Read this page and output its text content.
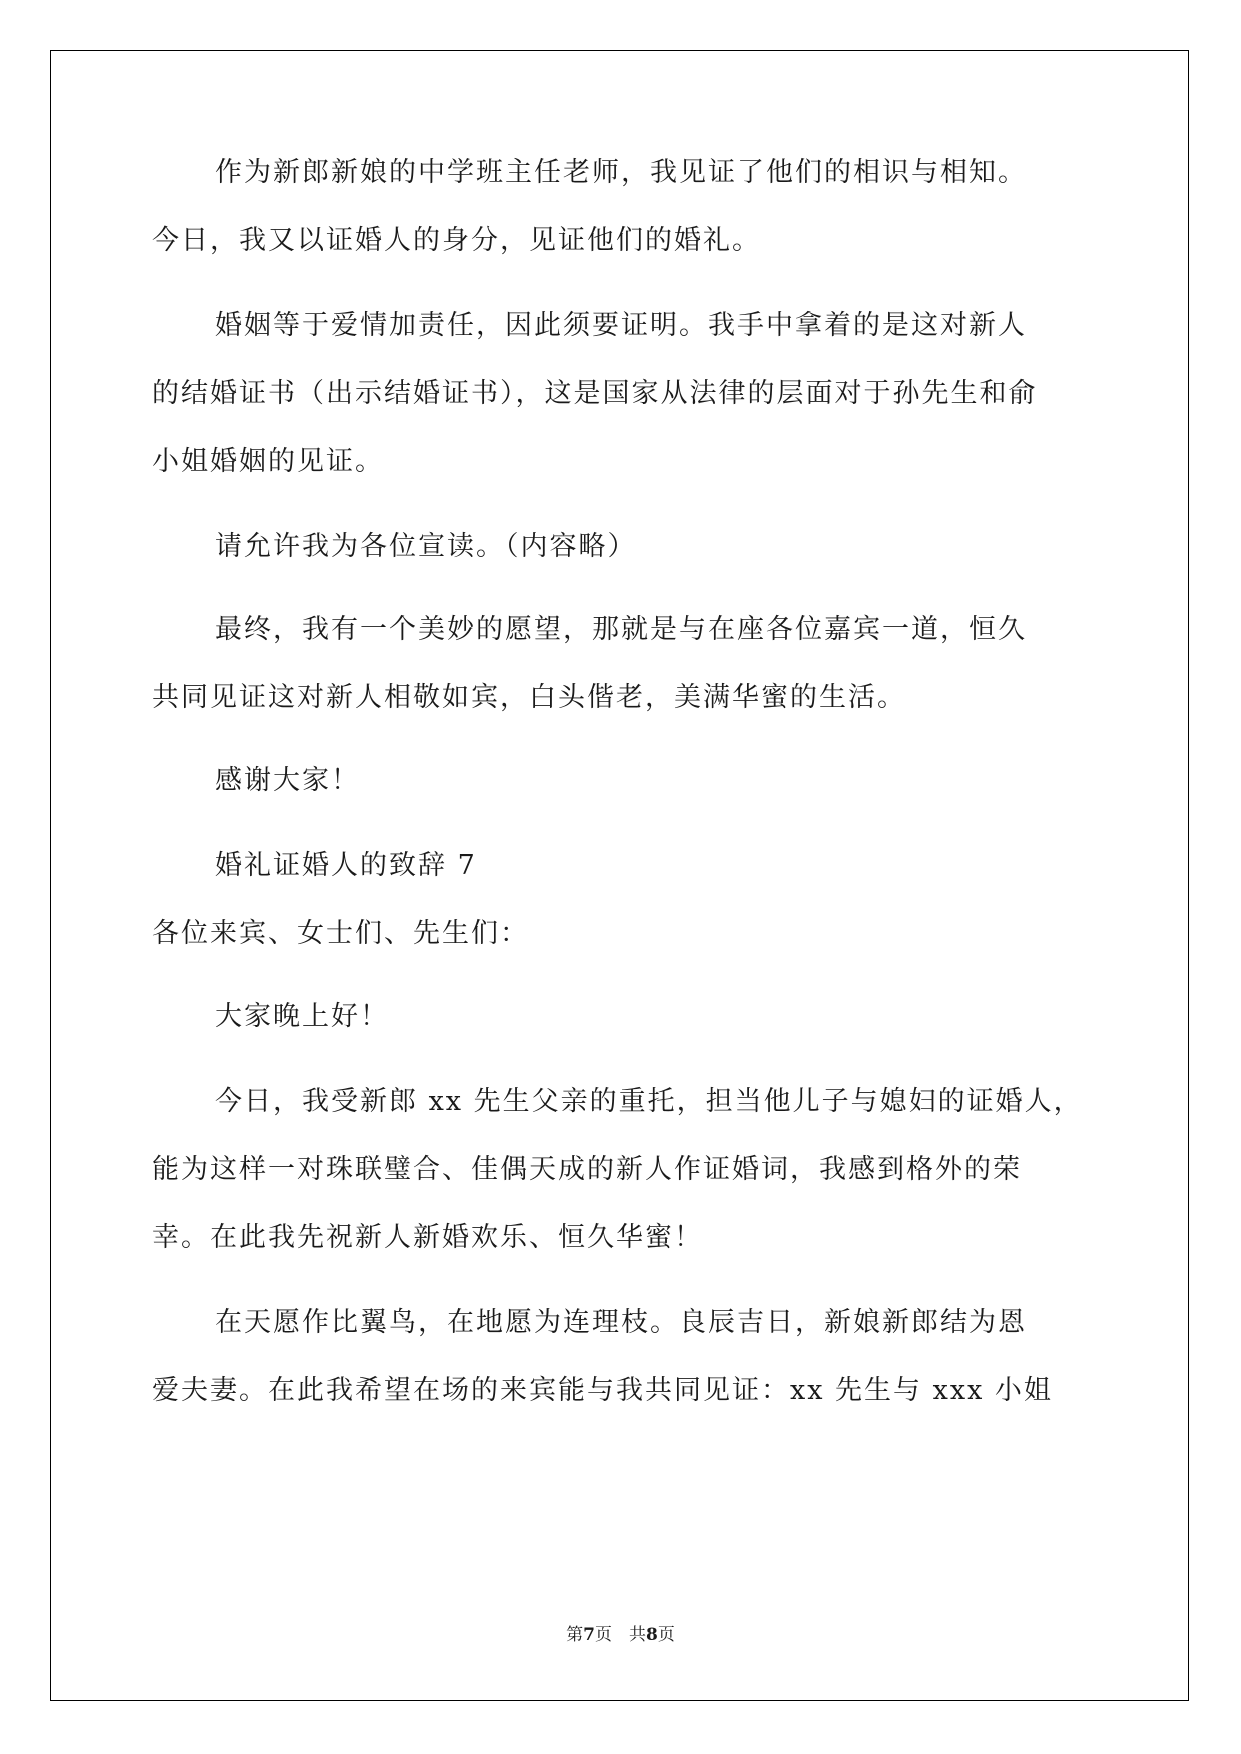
作为新郎新娘的中学班主任老师，我见证了他们的相识与相知。
今日，我又以证婚人的身分，见证他们的婚礼。
婚姻等于爱情加责任，因此须要证明。我手中拿着的是这对新人
的结婚证书（出示结婚证书），这是国家从法律的层面对于孙先生和俞
小姐婚姻的见证。
请允许我为各位宣读。（内容略）
最终，我有一个美妙的愿望，那就是与在座各位嘉宾一道，恒久
共同见证这对新人相敬如宾，白头偕老，美满华蜜的生活。
感谢大家！
婚礼证婚人的致辞 7
各位来宾、女士们、先生们：
大家晚上好！
今日，我受新郎 xx 先生父亲的重托，担当他儿子与媳妇的证婚人，
能为这样一对珠联璧合、佳偶天成的新人作证婚词，我感到格外的荣
幸。在此我先祝新人新婚欢乐、恒久华蜜！
在天愿作比翼鸟，在地愿为连理枝。良辰吉日，新娘新郎结为恩
爱夫妻。在此我希望在场的来宾能与我共同见证：xx 先生与 xxx 小姐
第7页　共8页
